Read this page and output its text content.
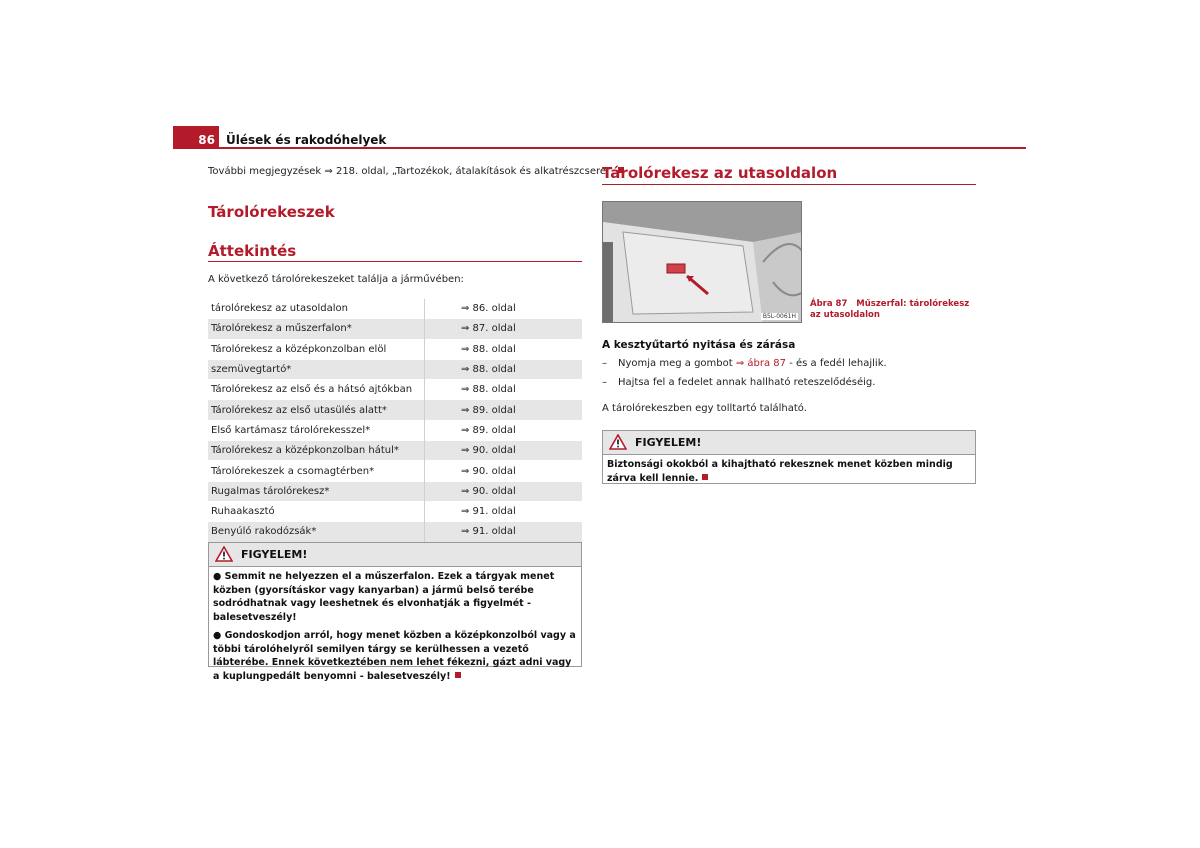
86 Ülések és rakodóhelyek
További megjegyzések ⇒ 218. oldal, „Tartozékok, átalakítások és alkatrészcsere“.
Tárolórekeszek
Áttekintés
A következő tárolórekeszeket találja a járművében:
tárolórekesz az utasoldalon	⇒ 86. oldal
Tárolórekesz a műszerfalon*	⇒ 87. oldal
Tárolórekesz a középkonzolban elöl	⇒ 88. oldal
szemüvegtartó*	⇒ 88. oldal
Tárolórekesz az első és a hátsó ajtókban	⇒ 88. oldal
Tárolórekesz az első utasülés alatt*	⇒ 89. oldal
Első kartámasz tárolórekesszel*	⇒ 89. oldal
Tárolórekesz a középkonzolban hátul*	⇒ 90. oldal
Tárolórekeszek a csomagtérben*	⇒ 90. oldal
Rugalmas tárolórekesz*	⇒ 90. oldal
Ruhaakasztó	⇒ 91. oldal
Benyúló rakodózsák*	⇒ 91. oldal
FIGYELEM!

● Semmit ne helyezzen el a műszerfalon. Ezek a tárgyak menet közben (gyorsításkor vagy kanyarban) a jármű belső terébe sodródhatnak vagy leeshetnek és elvonhatják a figyelmét - balesetveszély!

● Gondoskodjon arról, hogy menet közben a középkonzolból vagy a többi tárolóhelyről semilyen tárgy se kerülhessen a vezető lábterébe. Ennek következtében nem lehet fékezni, gázt adni vagy a kuplungpedált benyomni - balesetveszély!

Tárolórekesz az utasoldalon
B5L-0061H
Ábra 87 Műszerfal: tárolórekesz az utasoldalon
A kesztyűtartó nyitása és zárása
– Nyomja meg a gombot ⇒ ábra 87 - és a fedél lehajlik.
– Hajtsa fel a fedelet annak hallható reteszelődéséig.
A tárolórekeszben egy tolltartó található.
FIGYELEM!
Biztonsági okokból a kihajtható rekesznek menet közben mindig zárva kell lennie.
